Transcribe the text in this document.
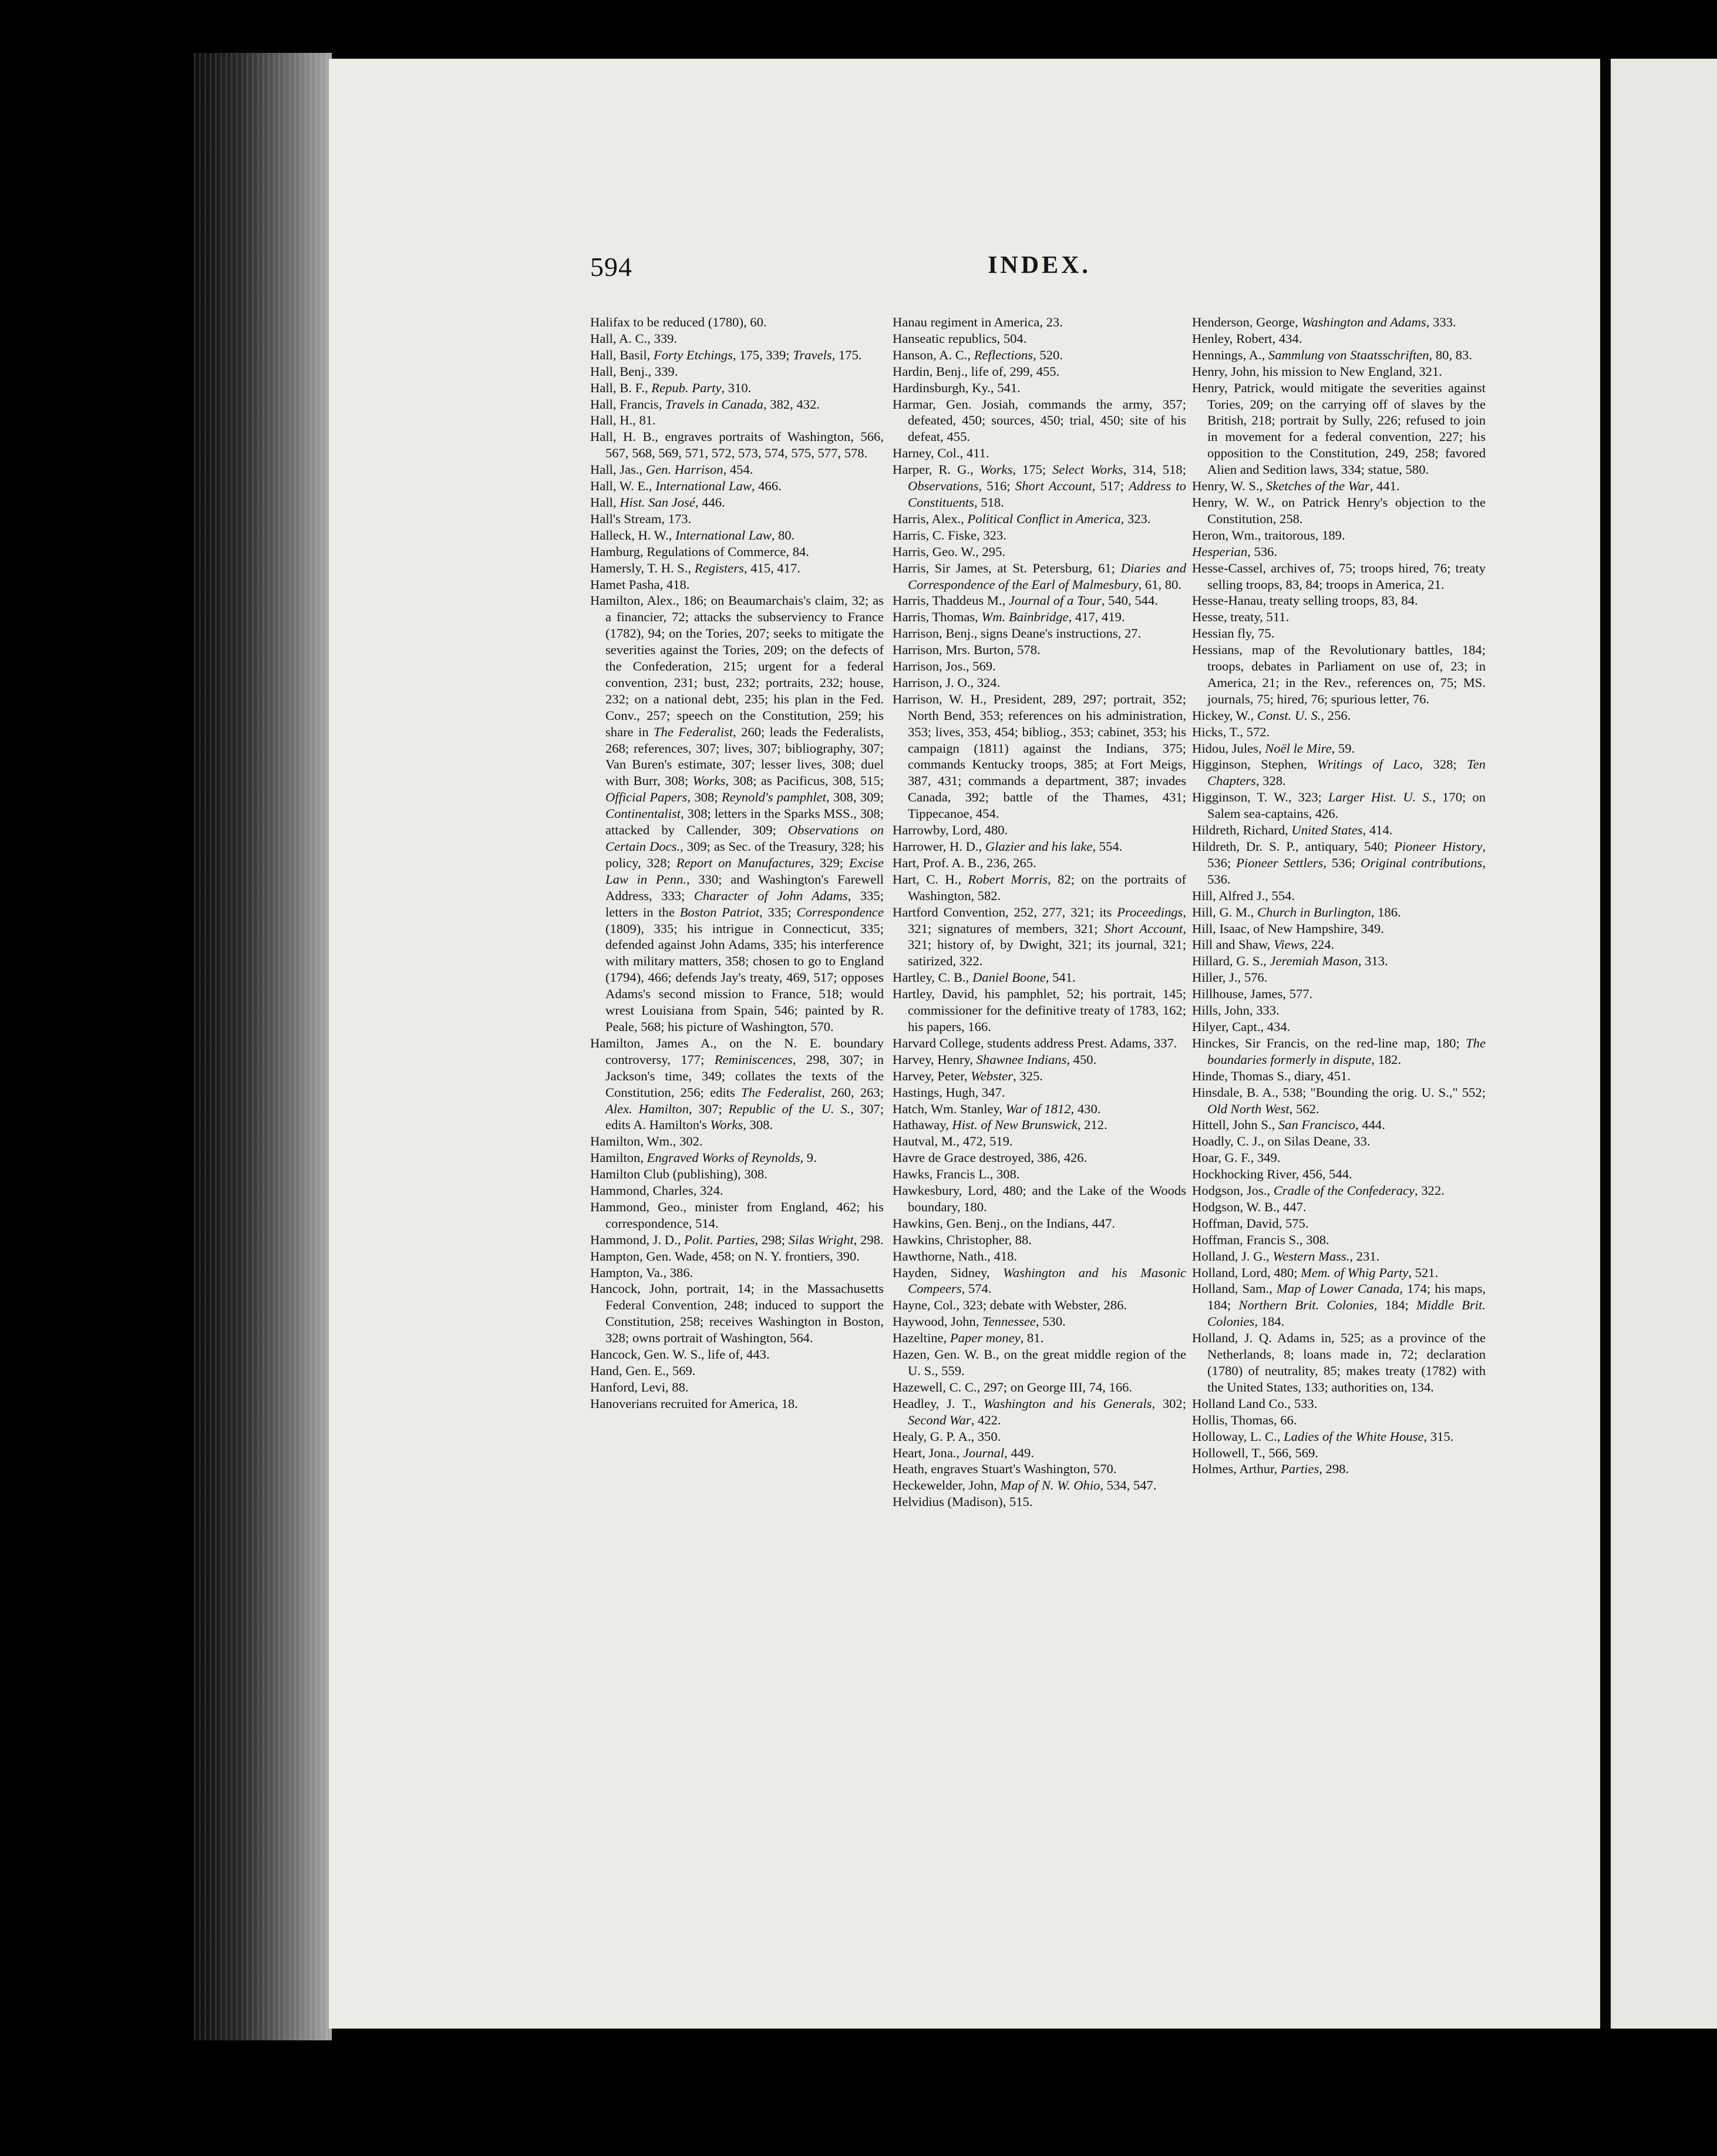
594	INDEX.

Halifax to be reduced (1780), 60.

Hall, A. C., 339.

Hall, Basil, Forty Etchings, 175, 339; Travels, 175.

Hall, Benj., 339.

Hall, B. F., Repub. Party, 310.

Hall, Francis, Travels in Canada, 382, 432.

Hall, H., 81.

Hall, H. B., engraves portraits of Washington, 566, 567, 568, 569, 571, 572, 573, 574, 575, 577, 578.

Hall, Jas., Gen. Harrison, 454.

Hall, W. E., International Law, 466.

Hall, Hist. San José, 446.

Hall's Stream, 173.

Halleck, H. W., International Law, 80.

Hamburg, Regulations of Commerce, 84.

Hamersly, T. H. S., Registers, 415, 417.

Hamet Pasha, 418.

Hamilton, Alex., 186; on Beaumarchais's claim, 32; as a financier, 72; attacks the subserviency to France (1782), 94; on the Tories, 207; seeks to mitigate the severities against the Tories, 209; on the defects of the Confederation, 215; urgent for a federal convention, 231; bust, 232; portraits, 232; house, 232; on a national debt, 235; his plan in the Fed. Conv., 257; speech on the Constitution, 259; his share in The Federalist, 260; leads the Federalists, 268; references, 307; lives, 307; bibliography, 307; Van Buren's estimate, 307; lesser lives, 308; duel with Burr, 308; Works, 308; as Pacificus, 308, 515; Official Papers, 308; Reynold's pamphlet, 308, 309; Continentalist, 308; letters in the Sparks MSS., 308; attacked by Callender, 309; Observations on Certain Docs., 309; as Sec. of the Treasury, 328; his policy, 328; Report on Manufactures, 329; Excise Law in Penn., 330; and Washington's Farewell Address, 333; Character of John Adams, 335; letters in the Boston Patriot, 335; Correspondence (1809), 335; his intrigue in Connecticut, 335; defended against John Adams, 335; his interference with military matters, 358; chosen to go to England (1794), 466; defends Jay's treaty, 469, 517; opposes Adams's second mission to France, 518; would wrest Louisiana from Spain, 546; painted by R. Peale, 568; his picture of Washington, 570.

Hamilton, James A., on the N. E. boundary controversy, 177; Reminiscences, 298, 307; in Jackson's time, 349; collates the texts of the Constitution, 256; edits The Federalist, 260, 263; Alex. Hamilton, 307; Republic of the U. S., 307; edits A. Hamilton's Works, 308.

Hamilton, Wm., 302.

Hamilton, Engraved Works of Reynolds, 9.

Hamilton Club (publishing), 308.

Hammond, Charles, 324.

Hammond, Geo., minister from England, 462; his correspondence, 514.

Hammond, J. D., Polit. Parties, 298; Silas Wright, 298.

Hampton, Gen. Wade, 458; on N. Y. frontiers, 390.

Hampton, Va., 386.

Hancock, John, portrait, 14; in the Massachusetts Federal Convention, 248; induced to support the Constitution, 258; receives Washington in Boston, 328; owns portrait of Washington, 564.

Hancock, Gen. W. S., life of, 443.

Hand, Gen. E., 569.

Hanford, Levi, 88.

Hanoverians recruited for America, 18.

Hanau regiment in America, 23.

Hanseatic republics, 504.

Hanson, A. C., Reflections, 520.

Hardin, Benj., life of, 299, 455.

Hardinsburgh, Ky., 541.

Harmar, Gen. Josiah, commands the army, 357; defeated, 450; sources, 450; trial, 450; site of his defeat, 455.

Harney, Col., 411.

Harper, R. G., Works, 175; Select Works, 314, 518; Observations, 516; Short Account, 517; Address to Constituents, 518.

Harris, Alex., Political Conflict in America, 323.

Harris, C. Fiske, 323.

Harris, Geo. W., 295.

Harris, Sir James, at St. Petersburg, 61; Diaries and Correspondence of the Earl of Malmesbury, 61, 80.

Harris, Thaddeus M., Journal of a Tour, 540, 544.

Harris, Thomas, Wm. Bainbridge, 417, 419.

Harrison, Benj., signs Deane's instructions, 27.

Harrison, Mrs. Burton, 578.

Harrison, Jos., 569.

Harrison, J. O., 324.

Harrison, W. H., President, 289, 297; portrait, 352; North Bend, 353; references on his administration, 353; lives, 353, 454; bibliog., 353; cabinet, 353; his campaign (1811) against the Indians, 375; commands Kentucky troops, 385; at Fort Meigs, 387, 431; commands a department, 387; invades Canada, 392; battle of the Thames, 431; Tippecanoe, 454.

Harrowby, Lord, 480.

Harrower, H. D., Glazier and his lake, 554.

Hart, Prof. A. B., 236, 265.

Hart, C. H., Robert Morris, 82; on the portraits of Washington, 582.

Hartford Convention, 252, 277, 321; its Proceedings, 321; signatures of members, 321; Short Account, 321; history of, by Dwight, 321; its journal, 321; satirized, 322.

Hartley, C. B., Daniel Boone, 541.

Hartley, David, his pamphlet, 52; his portrait, 145; commissioner for the definitive treaty of 1783, 162; his papers, 166.

Harvard College, students address Prest. Adams, 337.

Harvey, Henry, Shawnee Indians, 450.

Harvey, Peter, Webster, 325.

Hastings, Hugh, 347.

Hatch, Wm. Stanley, War of 1812, 430.

Hathaway, Hist. of New Brunswick, 212.

Hautval, M., 472, 519.

Havre de Grace destroyed, 386, 426.

Hawks, Francis L., 308.

Hawkesbury, Lord, 480; and the Lake of the Woods boundary, 180.

Hawkins, Gen. Benj., on the Indians, 447.

Hawkins, Christopher, 88.

Hawthorne, Nath., 418.

Hayden, Sidney, Washington and his Masonic Compeers, 574.

Hayne, Col., 323; debate with Webster, 286.

Haywood, John, Tennessee, 530.

Hazeltine, Paper money, 81.

Hazen, Gen. W. B., on the great middle region of the U. S., 559.

Hazewell, C. C., 297; on George III, 74, 166.

Headley, J. T., Washington and his Generals, 302; Second War, 422.

Healy, G. P. A., 350.

Heart, Jona., Journal, 449.

Heath, engraves Stuart's Washington, 570.

Heckewelder, John, Map of N. W. Ohio, 534, 547.

Helvidius (Madison), 515.

Henderson, George, Washington and Adams, 333.

Henley, Robert, 434.

Hennings, A., Sammlung von Staatsschriften, 80, 83.

Henry, John, his mission to New England, 321.

Henry, Patrick, would mitigate the severities against Tories, 209; on the carrying off of slaves by the British, 218; portrait by Sully, 226; refused to join in movement for a federal convention, 227; his opposition to the Constitution, 249, 258; favored Alien and Sedition laws, 334; statue, 580.

Henry, W. S., Sketches of the War, 441.

Henry, W. W., on Patrick Henry's objection to the Constitution, 258.

Heron, Wm., traitorous, 189.

Hesperian, 536.

Hesse-Cassel, archives of, 75; troops hired, 76; treaty selling troops, 83, 84; troops in America, 21.

Hesse-Hanau, treaty selling troops, 83, 84.

Hesse, treaty, 511.

Hessian fly, 75.

Hessians, map of the Revolutionary battles, 184; troops, debates in Parliament on use of, 23; in America, 21; in the Rev., references on, 75; MS. journals, 75; hired, 76; spurious letter, 76.

Hickey, W., Const. U. S., 256.

Hicks, T., 572.

Hidou, Jules, Noël le Mire, 59.

Higginson, Stephen, Writings of Laco, 328; Ten Chapters, 328.

Higginson, T. W., 323; Larger Hist. U. S., 170; on Salem sea-captains, 426.

Hildreth, Richard, United States, 414.

Hildreth, Dr. S. P., antiquary, 540; Pioneer History, 536; Pioneer Settlers, 536; Original contributions, 536.

Hill, Alfred J., 554.

Hill, G. M., Church in Burlington, 186.

Hill, Isaac, of New Hampshire, 349.

Hill and Shaw, Views, 224.

Hillard, G. S., Jeremiah Mason, 313.

Hiller, J., 576.

Hillhouse, James, 577.

Hills, John, 333.

Hilyer, Capt., 434.

Hinckes, Sir Francis, on the red-line map, 180; The boundaries formerly in dispute, 182.

Hinde, Thomas S., diary, 451.

Hinsdale, B. A., 538; "Bounding the orig. U. S.," 552; Old North West, 562.

Hittell, John S., San Francisco, 444.

Hoadly, C. J., on Silas Deane, 33.

Hoar, G. F., 349.

Hockhocking River, 456, 544.

Hodgson, Jos., Cradle of the Confederacy, 322.

Hodgson, W. B., 447.

Hoffman, David, 575.

Hoffman, Francis S., 308.

Holland, J. G., Western Mass., 231.

Holland, Lord, 480; Mem. of Whig Party, 521.

Holland, Sam., Map of Lower Canada, 174; his maps, 184; Northern Brit. Colonies, 184; Middle Brit. Colonies, 184.

Holland, J. Q. Adams in, 525; as a province of the Netherlands, 8; loans made in, 72; declaration (1780) of neutrality, 85; makes treaty (1782) with the United States, 133; authorities on, 134.

Holland Land Co., 533.

Hollis, Thomas, 66.

Holloway, L. C., Ladies of the White House, 315.

Hollowell, T., 566, 569.

Holmes, Arthur, Parties, 298.
